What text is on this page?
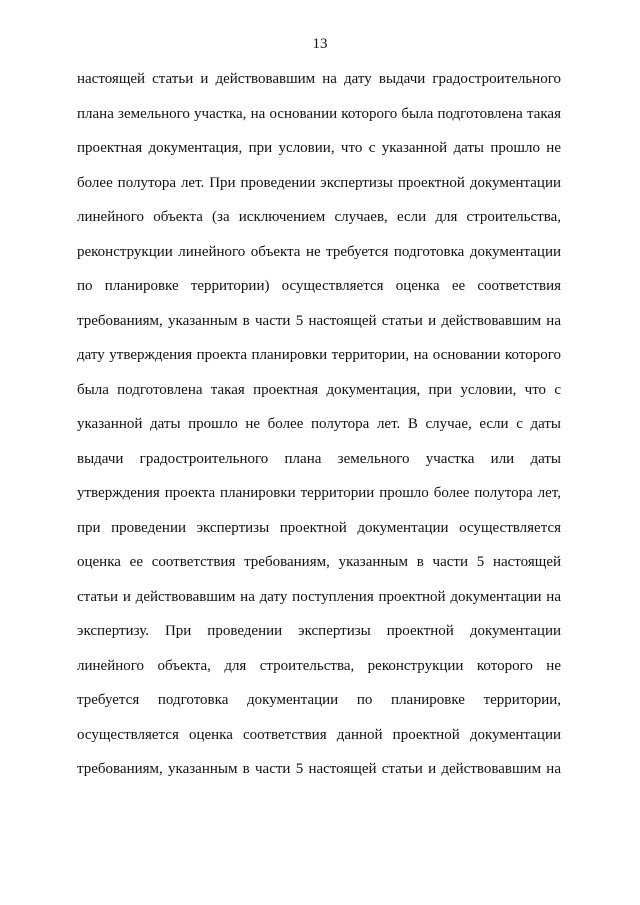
13
настоящей статьи и действовавшим на дату выдачи градостроительного
плана земельного участка, на основании которого была подготовлена такая
проектная документация, при условии, что с указанной даты прошло не
более полутора лет. При проведении экспертизы проектной документации
линейного объекта (за исключением случаев, если для строительства,
реконструкции линейного объекта не требуется подготовка документации
по планировке территории) осуществляется оценка ее соответствия
требованиям, указанным в части 5 настоящей статьи и действовавшим на
дату утверждения проекта планировки территории, на основании которого
была подготовлена такая проектная документация, при условии, что с
указанной даты прошло не более полутора лет. В случае, если с даты
выдачи градостроительного плана земельного участка или даты
утверждения проекта планировки территории прошло более полутора лет,
при проведении экспертизы проектной документации осуществляется
оценка ее соответствия требованиям, указанным в части 5 настоящей
статьи и действовавшим на дату поступления проектной документации на
экспертизу. При проведении экспертизы проектной документации
линейного объекта, для строительства, реконструкции которого не
требуется подготовка документации по планировке территории,
осуществляется оценка соответствия данной проектной документации
требованиям, указанным в части 5 настоящей статьи и действовавшим на
